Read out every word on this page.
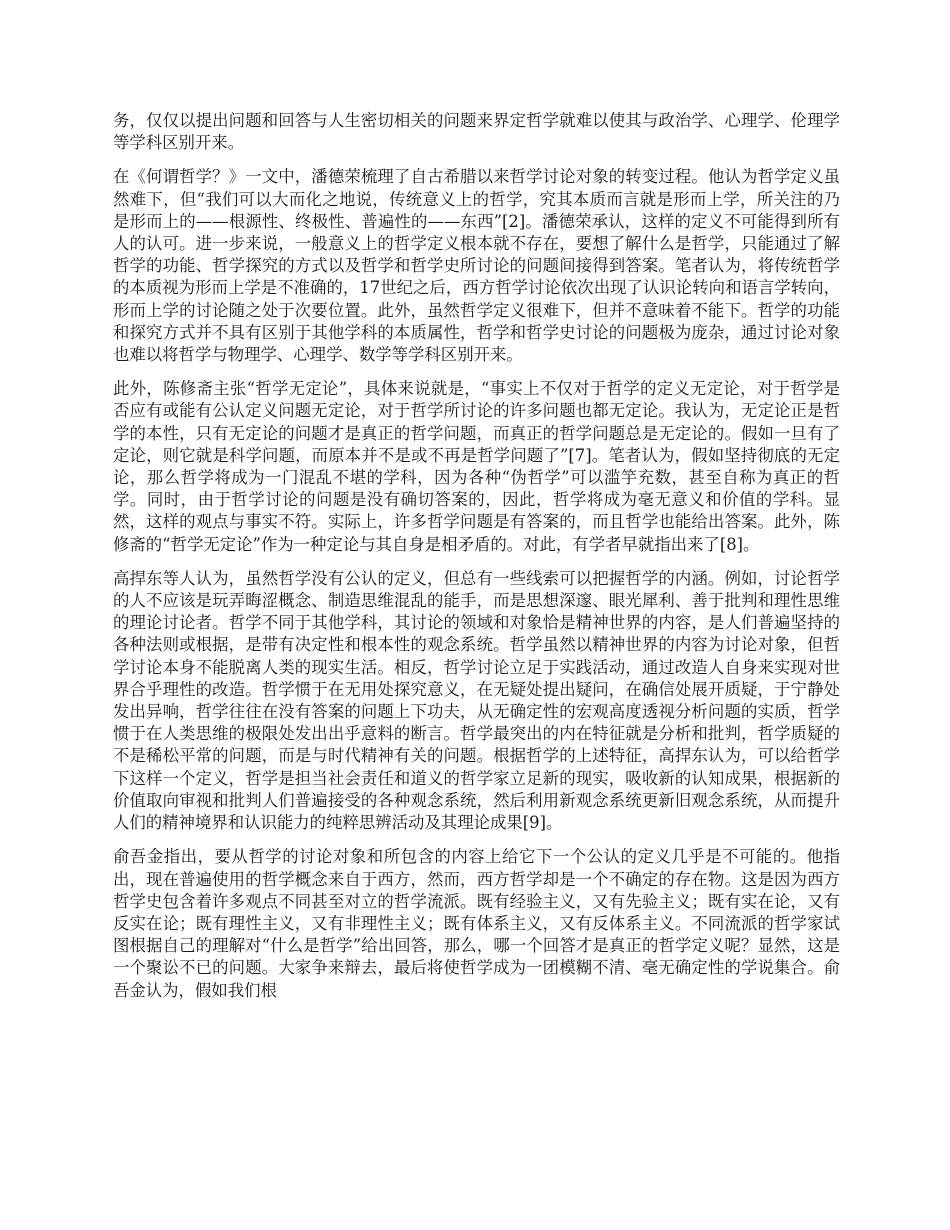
务，仅仅以提出问题和回答与人生密切相关的问题来界定哲学就难以使其与政治学、心理学、伦理学等学科区别开来。

在《何谓哲学？》一文中，潘德荣梳理了自古希腊以来哲学讨论对象的转变过程。他认为哲学定义虽然难下，但“我们可以大而化之地说，传统意义上的哲学，究其本质而言就是形而上学，所关注的乃是形而上的——根源性、终极性、普遍性的——东西”[2]。潘德荣承认，这样的定义不可能得到所有人的认可。进一步来说，一般意义上的哲学定义根本就不存在，要想了解什么是哲学，只能通过了解哲学的功能、哲学探究的方式以及哲学和哲学史所讨论的问题间接得到答案。笔者认为，将传统哲学的本质视为形而上学是不准确的，17世纪之后，西方哲学讨论依次出现了认识论转向和语言学转向，形而上学的讨论随之处于次要位置。此外，虽然哲学定义很难下，但并不意味着不能下。哲学的功能和探究方式并不具有区别于其他学科的本质属性，哲学和哲学史讨论的问题极为庞杂，通过讨论对象也难以将哲学与物理学、心理学、数学等学科区别开来。

此外，陈修斋主张“哲学无定论”，具体来说就是，“事实上不仅对于哲学的定义无定论，对于哲学是否应有或能有公认定义问题无定论，对于哲学所讨论的许多问题也都无定论。我认为，无定论正是哲学的本性，只有无定论的问题才是真正的哲学问题，而真正的哲学问题总是无定论的。假如一旦有了定论，则它就是科学问题，而原本并不是或不再是哲学问题了”[7]。笔者认为，假如坚持彻底的无定论，那么哲学将成为一门混乱不堪的学科，因为各种“伪哲学”可以滥竽充数，甚至自称为真正的哲学。同时，由于哲学讨论的问题是没有确切答案的，因此，哲学将成为毫无意义和价值的学科。显然，这样的观点与事实不符。实际上，许多哲学问题是有答案的，而且哲学也能给出答案。此外，陈修斋的“哲学无定论”作为一种定论与其自身是相矛盾的。对此，有学者早就指出来了[8]。

高捍东等人认为，虽然哲学没有公认的定义，但总有一些线索可以把握哲学的内涵。例如，讨论哲学的人不应该是玩弄晦涩概念、制造思维混乱的能手，而是思想深邃、眼光犀利、善于批判和理性思维的理论讨论者。哲学不同于其他学科，其讨论的领域和对象恰是精神世界的内容，是人们普遍坚持的各种法则或根据，是带有决定性和根本性的观念系统。哲学虽然以精神世界的内容为讨论对象，但哲学讨论本身不能脱离人类的现实生活。相反，哲学讨论立足于实践活动，通过改造人自身来实现对世界合乎理性的改造。哲学惯于在无用处探究意义，在无疑处提出疑问，在确信处展开质疑，于宁静处发出异响，哲学往往在没有答案的问题上下功夫，从无确定性的宏观高度透视分析问题的实质，哲学惯于在人类思维的极限处发出出乎意料的断言。哲学最突出的内在特征就是分析和批判，哲学质疑的不是稀松平常的问题，而是与时代精神有关的问题。根据哲学的上述特征，高捍东认为，可以给哲学下这样一个定义，哲学是担当社会责任和道义的哲学家立足新的现实，吸收新的认知成果，根据新的价值取向审视和批判人们普遍接受的各种观念系统，然后利用新观念系统更新旧观念系统，从而提升人们的精神境界和认识能力的纯粹思辨活动及其理论成果[9]。

俞吾金指出，要从哲学的讨论对象和所包含的内容上给它下一个公认的定义几乎是不可能的。他指出，现在普遍使用的哲学概念来自于西方，然而，西方哲学却是一个不确定的存在物。这是因为西方哲学史包含着许多观点不同甚至对立的哲学流派。既有经验主义，又有先验主义；既有实在论，又有反实在论；既有理性主义，又有非理性主义；既有体系主义，又有反体系主义。不同流派的哲学家试图根据自己的理解对“什么是哲学”给出回答，那么，哪一个回答才是真正的哲学定义呢？显然，这是一个聚讼不已的问题。大家争来辩去，最后将使哲学成为一团模糊不清、毫无确定性的学说集合。俞吾金认为，假如我们根
